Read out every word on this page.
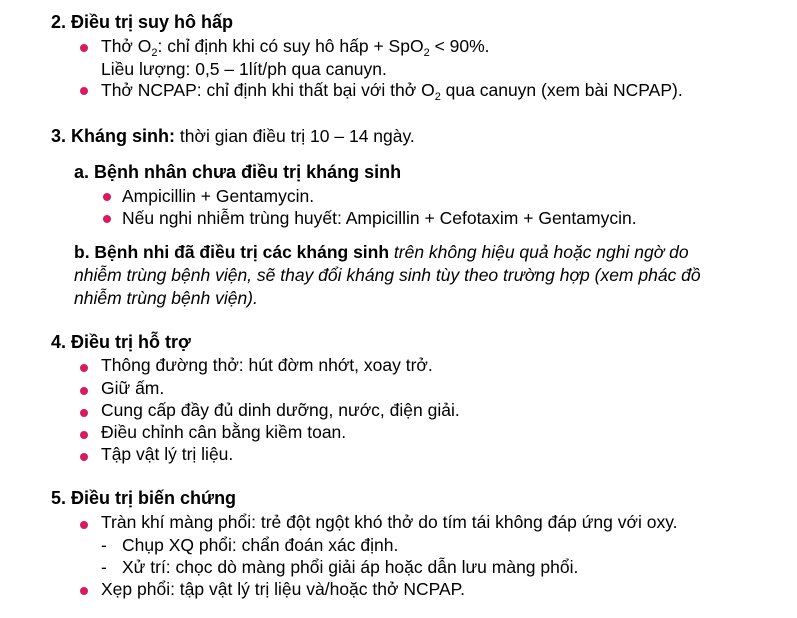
2. Điều trị suy hô hấp
Thở $O_2$: chỉ định khi có suy hô hấp + SpO$_2$ < 90%.
Liều lượng: 0,5 – 1lít/ph qua canuyn.
Thở NCPAP: chỉ định khi thất bại với thở $O_2$ qua canuyn (xem bài NCPAP).
3. Kháng sinh: thời gian điều trị 10 – 14 ngày.
a. Bệnh nhân chưa điều trị kháng sinh
Ampicillin + Gentamycin.
Nếu nghi nhiễm trùng huyết: Ampicillin + Cefotaxim + Gentamycin.
b. Bệnh nhi đã điều trị các kháng sinh trên không hiệu quả hoặc nghi ngờ do
nhiễm trùng bệnh viện, sẽ thay đổi kháng sinh tùy theo trường hợp (xem phác đồ
nhiễm trùng bệnh viện).
4. Điều trị hỗ trợ
Thông đường thở: hút đờm nhớt, xoay trở.
Giữ ấm.
Cung cấp đầy đủ dinh dưỡng, nước, điện giải.
Điều chỉnh cân bằng kiềm toan.
Tập vật lý trị liệu.
5. Điều trị biến chứng
Tràn khí màng phổi: trẻ đột ngột khó thở do tím tái không đáp ứng với oxy.
- Chụp XQ phổi: chẩn đoán xác định.
- Xử trí: chọc dò màng phổi giải áp hoặc dẫn lưu màng phổi.
Xẹp phổi: tập vật lý trị liệu và/hoặc thở NCPAP.
